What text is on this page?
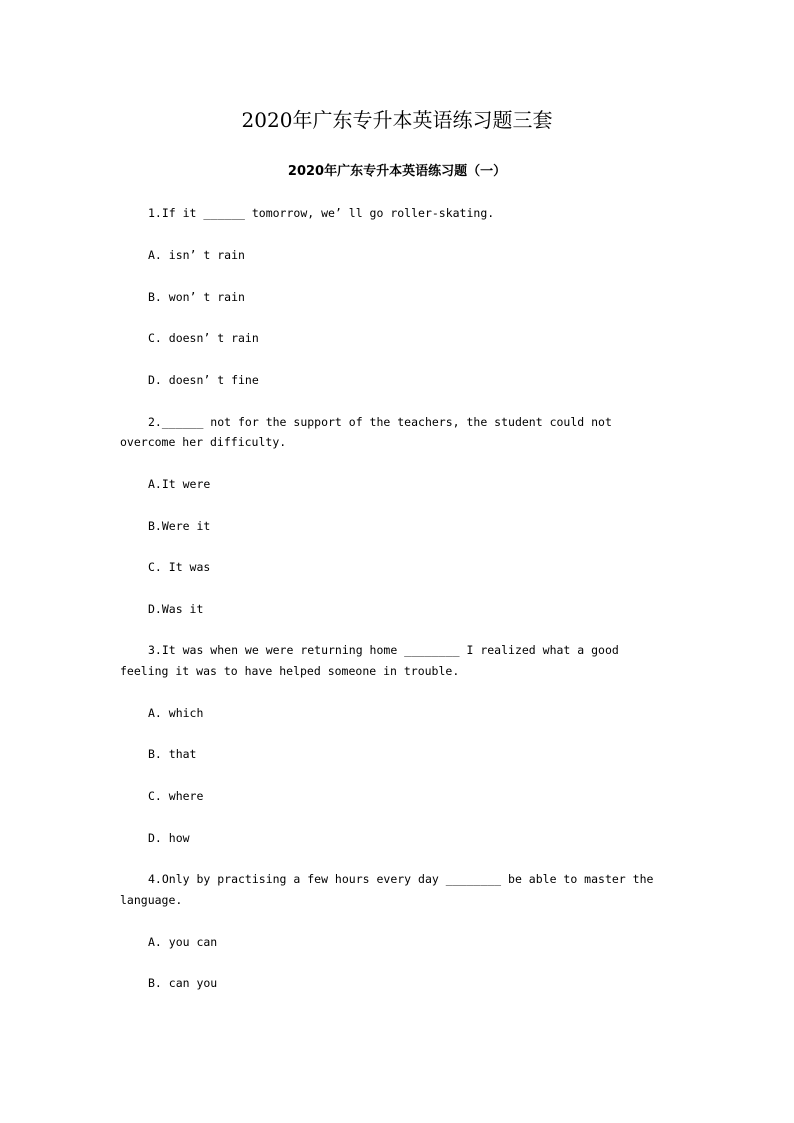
2020年广东专升本英语练习题三套
2020年广东专升本英语练习题（一）
1.If it ______ tomorrow, we’ ll go roller-skating.
A. isn’ t rain
B. won’ t rain
C. doesn’ t rain
D. doesn’ t fine
2.______ not for the support of the teachers, the student could not
overcome her difficulty.
A.It were
B.Were it
C. It was
D.Was it
3.It was when we were returning home ________ I realized what a good
feeling it was to have helped someone in trouble.
A. which
B. that
C. where
D. how
4.Only by practising a few hours every day ________ be able to master the
language.
A. you can
B. can you
